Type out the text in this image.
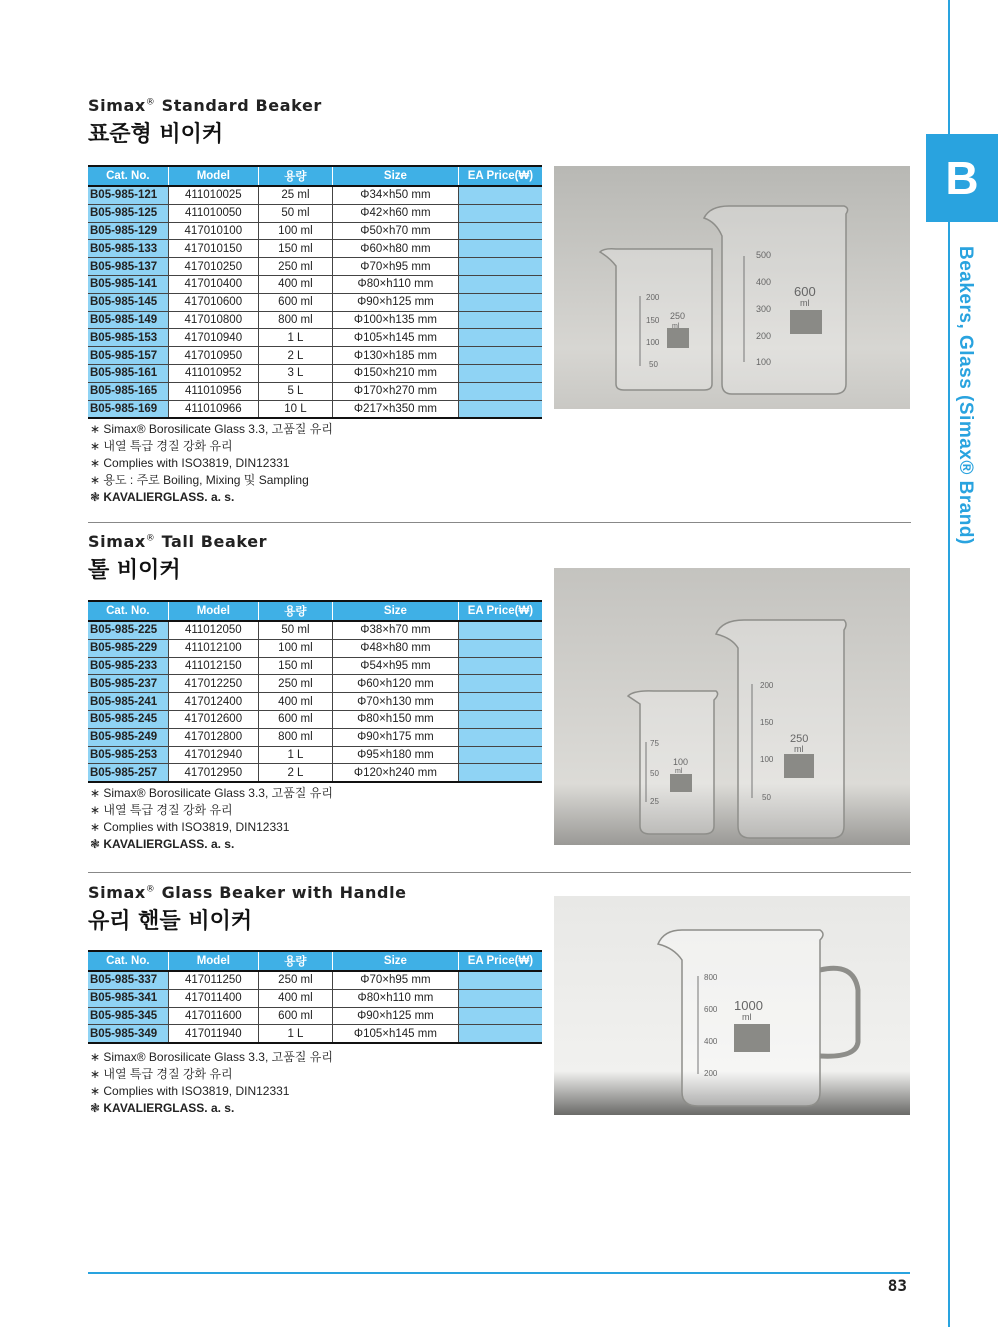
B
Beakers, Glass (Simax® Brand)
Simax® Standard Beaker
표준형 비이커
Cat. No.	Model	용량	Size	EA Price(₩)
B05-985-121	411010025	25 ml	Φ34×h50 mm	
B05-985-125	411010050	50 ml	Φ42×h60 mm	
B05-985-129	417010100	100 ml	Φ50×h70 mm	
B05-985-133	417010150	150 ml	Φ60×h80 mm	
B05-985-137	417010250	250 ml	Φ70×h95 mm	
B05-985-141	417010400	400 ml	Φ80×h110 mm	
B05-985-145	417010600	600 ml	Φ90×h125 mm	
B05-985-149	417010800	800 ml	Φ100×h135 mm	
B05-985-153	417010940	1 L	Φ105×h145 mm	
B05-985-157	417010950	2 L	Φ130×h185 mm	
B05-985-161	411010952	3 L	Φ150×h210 mm	
B05-985-165	411010956	5 L	Φ170×h270 mm	
B05-985-169	411010966	10 L	Φ217×h350 mm	
∗ Simax® Borosilicate Glass 3.3, 고품질 유리
∗ 내열 특급 경질 강화 유리
∗ Complies with ISO3819, DIN12331
∗ 용도 : 주로 Boiling, Mixing 및 Sampling
❃ KAVALIERGLASS. a. s.
200
150
100
50
250
ml
500
400
300
200
100
600
ml
Simax® Tall Beaker
톨 비이커
Cat. No.	Model	용량	Size	EA Price(₩)
B05-985-225	411012050	50 ml	Φ38×h70 mm	
B05-985-229	411012100	100 ml	Φ48×h80 mm	
B05-985-233	411012150	150 ml	Φ54×h95 mm	
B05-985-237	417012250	250 ml	Φ60×h120 mm	
B05-985-241	417012400	400 ml	Φ70×h130 mm	
B05-985-245	417012600	600 ml	Φ80×h150 mm	
B05-985-249	417012800	800 ml	Φ90×h175 mm	
B05-985-253	417012940	1 L	Φ95×h180 mm	
B05-985-257	417012950	2 L	Φ120×h240 mm	
∗ Simax® Borosilicate Glass 3.3, 고품질 유리
∗ 내열 특급 경질 강화 유리
∗ Complies with ISO3819, DIN12331
❃ KAVALIERGLASS. a. s.
75
50
25
100
ml
200
150
100
50
250
ml
Simax® Glass Beaker with Handle
유리 핸들 비이커
Cat. No.	Model	용량	Size	EA Price(₩)
B05-985-337	417011250	250 ml	Φ70×h95 mm	
B05-985-341	417011400	400 ml	Φ80×h110 mm	
B05-985-345	417011600	600 ml	Φ90×h125 mm	
B05-985-349	417011940	1 L	Φ105×h145 mm	
∗ Simax® Borosilicate Glass 3.3, 고품질 유리
∗ 내열 특급 경질 강화 유리
∗ Complies with ISO3819, DIN12331
❃ KAVALIERGLASS. a. s.
800
600
400
200
1000
ml
83
